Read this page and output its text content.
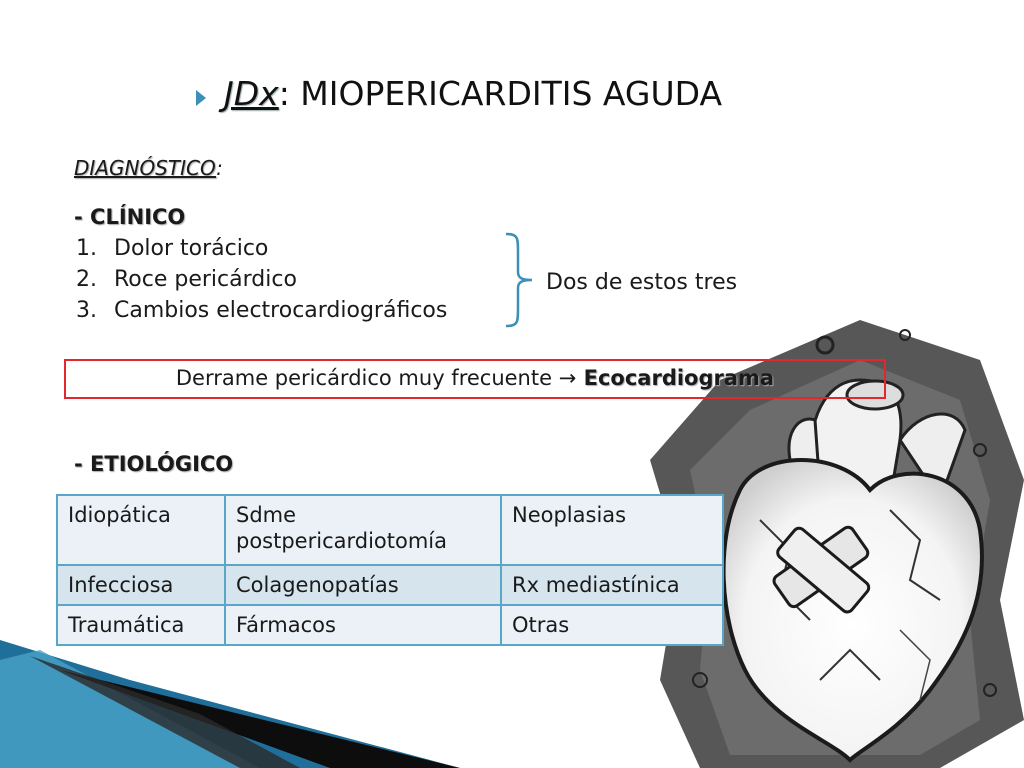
JDx: MIOPERICARDITIS AGUDA
DIAGNÓSTICO:
- CLÍNICO
1. Dolor torácico
2. Roce pericárdico
3. Cambios electrocardiográficos
Dos de estos tres
Derrame pericárdico muy frecuente → Ecocardiograma
- ETIOLÓGICO
Idiopática	Sdme postpericardiotomía	Neoplasias
Infecciosa	Colagenopatías	Rx mediastínica
Traumática	Fármacos	Otras
